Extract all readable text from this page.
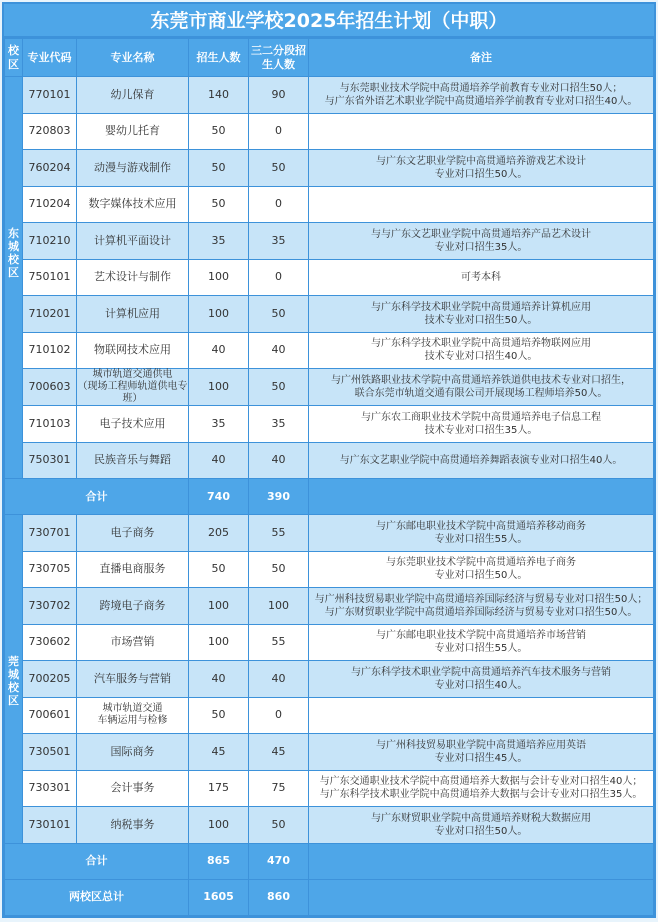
东莞市商业学校2025年招生计划（中职）
校区	专业代码	专业名称	招生人数	三二分段招生人数	备注
东城校区	770101	幼儿保育	140	90	与东莞职业技术学院中高贯通培养学前教育专业对口招生50人；
与广东省外语艺术职业学院中高贯通培养学前教育专业对口招生40人。
	720803	婴幼儿托育	50	0	
	760204	动漫与游戏制作	50	50	与广东文艺职业学院中高贯通培养游戏艺术设计
专业对口招生50人。
	710204	数字媒体技术应用	50	0	
	710210	计算机平面设计	35	35	与与广东文艺职业学院中高贯通培养产品艺术设计
专业对口招生35人。
	750101	艺术设计与制作	100	0	可考本科
	710201	计算机应用	100	50	与广东科学技术职业学院中高贯通培养计算机应用
技术专业对口招生50人。
	710102	物联网技术应用	40	40	与广东科学技术职业学院中高贯通培养物联网应用
技术专业对口招生40人。
	700603	城市轨道交通供电
（现场工程师轨道供电专班）	100	50	与广州铁路职业技术学院中高贯通培养铁道供电技术专业对口招生，
联合东莞市轨道交通有限公司开展现场工程师培养50人。
	710103	电子技术应用	35	35	与广东农工商职业技术学院中高贯通培养电子信息工程
技术专业对口招生35人。
	750301	民族音乐与舞蹈	40	40	与广东文艺职业学院中高贯通培养舞蹈表演专业对口招生40人。
合计			740	390	
莞城校区	730701	电子商务	205	55	与广东邮电职业技术学院中高贯通培养移动商务
专业对口招生55人。
	730705	直播电商服务	50	50	与东莞职业技术学院中高贯通培养电子商务
专业对口招生50人。
	730702	跨境电子商务	100	100	与广州科技贸易职业学院中高贯通培养国际经济与贸易专业对口招生50人；
与广东财贸职业学院中高贯通培养国际经济与贸易专业对口招生50人。
	730602	市场营销	100	55	与广东邮电职业技术学院中高贯通培养市场营销
专业对口招生55人。
	700205	汽车服务与营销	40	40	与广东科学技术职业学院中高贯通培养汽车技术服务与营销
专业对口招生40人。
	700601	城市轨道交通
车辆运用与检修	50	0	
	730501	国际商务	45	45	与广州科技贸易职业学院中高贯通培养应用英语
专业对口招生45人。
	730301	会计事务	175	75	与广东交通职业技术学院中高贯通培养大数据与会计专业对口招生40人；
与广东科学技术职业学院中高贯通培养大数据与会计专业对口招生35人。
	730101	纳税事务	100	50	与广东财贸职业学院中高贯通培养财税大数据应用
专业对口招生50人。
合计			865	470	
两校区总计			1605	860	
